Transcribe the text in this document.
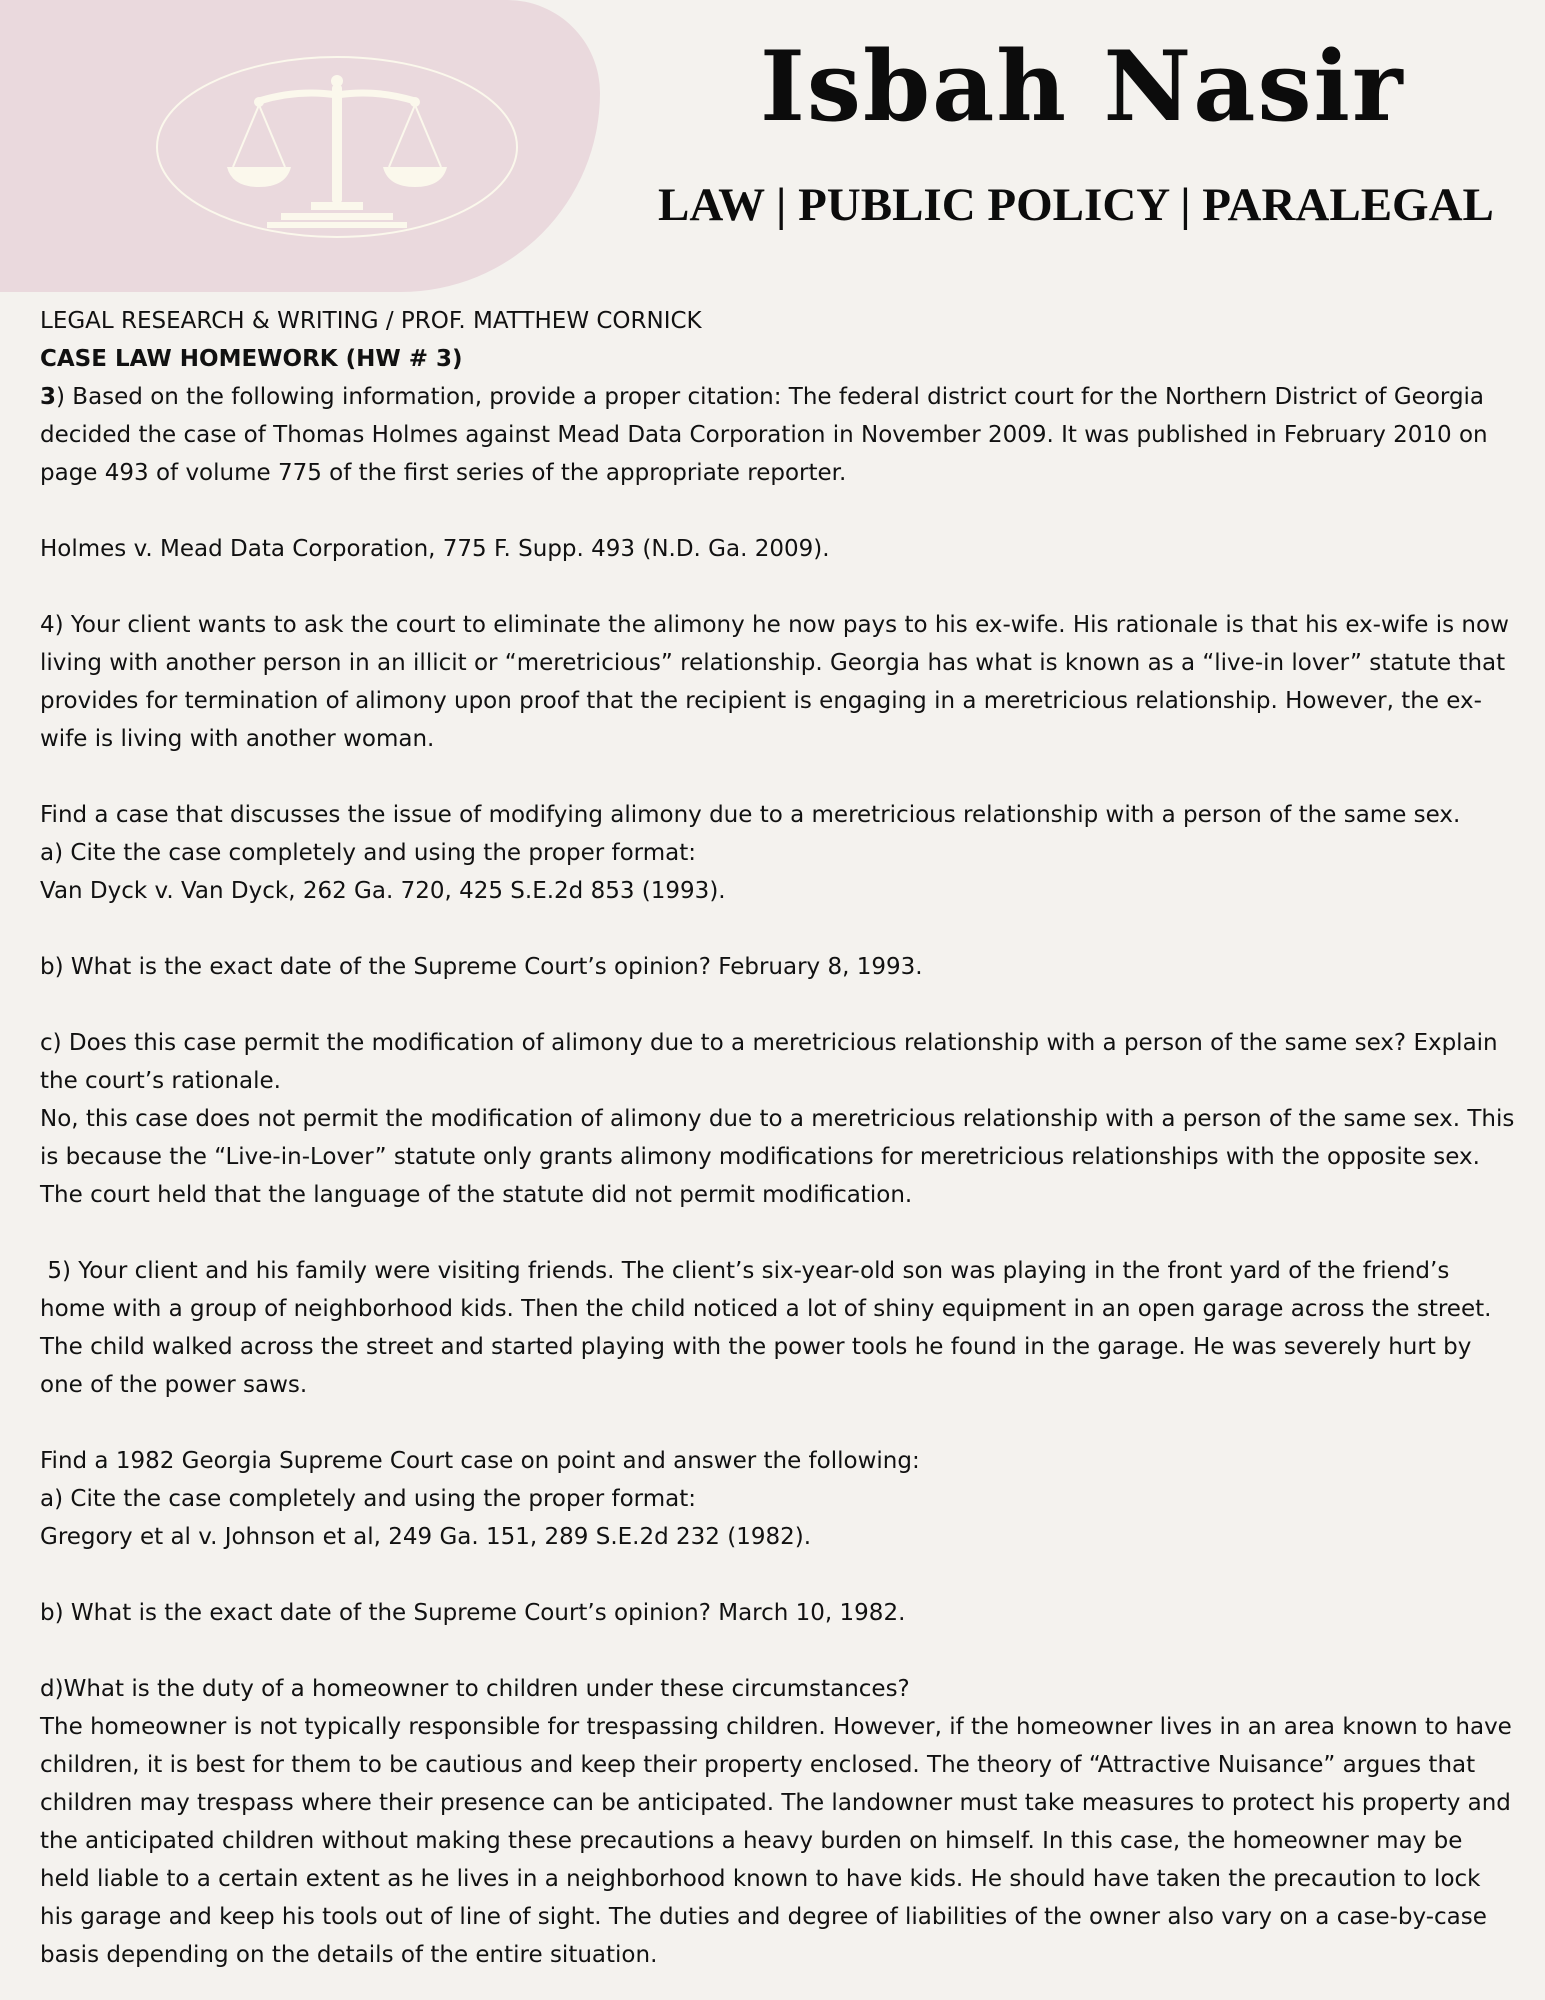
Isbah Nasir
LAW | PUBLIC POLICY | PARALEGAL

LEGAL RESEARCH & WRITING / PROF. MATTHEW CORNICK

CASE LAW HOMEWORK (HW # 3)

3) Based on the following information, provide a proper citation: The federal district court for the Northern District of Georgia decided the case of Thomas Holmes against Mead Data Corporation in November 2009. It was published in February 2010 on page 493 of volume 775 of the first series of the appropriate reporter.

Holmes v. Mead Data Corporation, 775 F. Supp. 493 (N.D. Ga. 2009).

4) Your client wants to ask the court to eliminate the alimony he now pays to his ex-wife. His rationale is that his ex-wife is now living with another person in an illicit or “meretricious” relationship. Georgia has what is known as a “live-in lover” statute that provides for termination of alimony upon proof that the recipient is engaging in a meretricious relationship. However, the ex-wife is living with another woman.

Find a case that discusses the issue of modifying alimony due to a meretricious relationship with a person of the same sex.

a) Cite the case completely and using the proper format:

Van Dyck v. Van Dyck, 262 Ga. 720, 425 S.E.2d 853 (1993).

b) What is the exact date of the Supreme Court’s opinion? February 8, 1993.

c) Does this case permit the modification of alimony due to a meretricious relationship with a person of the same sex? Explain the court’s rationale.

No, this case does not permit the modification of alimony due to a meretricious relationship with a person of the same sex. This is because the “Live-in-Lover” statute only grants alimony modifications for meretricious relationships with the opposite sex. The court held that the language of the statute did not permit modification.

5) Your client and his family were visiting friends. The client’s six-year-old son was playing in the front yard of the friend’s home with a group of neighborhood kids. Then the child noticed a lot of shiny equipment in an open garage across the street. The child walked across the street and started playing with the power tools he found in the garage. He was severely hurt by one of the power saws.

Find a 1982 Georgia Supreme Court case on point and answer the following:

a) Cite the case completely and using the proper format:

Gregory et al v. Johnson et al, 249 Ga. 151, 289 S.E.2d 232 (1982).

b) What is the exact date of the Supreme Court’s opinion? March 10, 1982.

d)What is the duty of a homeowner to children under these circumstances?

The homeowner is not typically responsible for trespassing children. However, if the homeowner lives in an area known to have children, it is best for them to be cautious and keep their property enclosed. The theory of “Attractive Nuisance” argues that children may trespass where their presence can be anticipated. The landowner must take measures to protect his property and the anticipated children without making these precautions a heavy burden on himself. In this case, the homeowner may be held liable to a certain extent as he lives in a neighborhood known to have kids. He should have taken the precaution to lock his garage and keep his tools out of line of sight. The duties and degree of liabilities of the owner also vary on a case-by-case basis depending on the details of the entire situation.
